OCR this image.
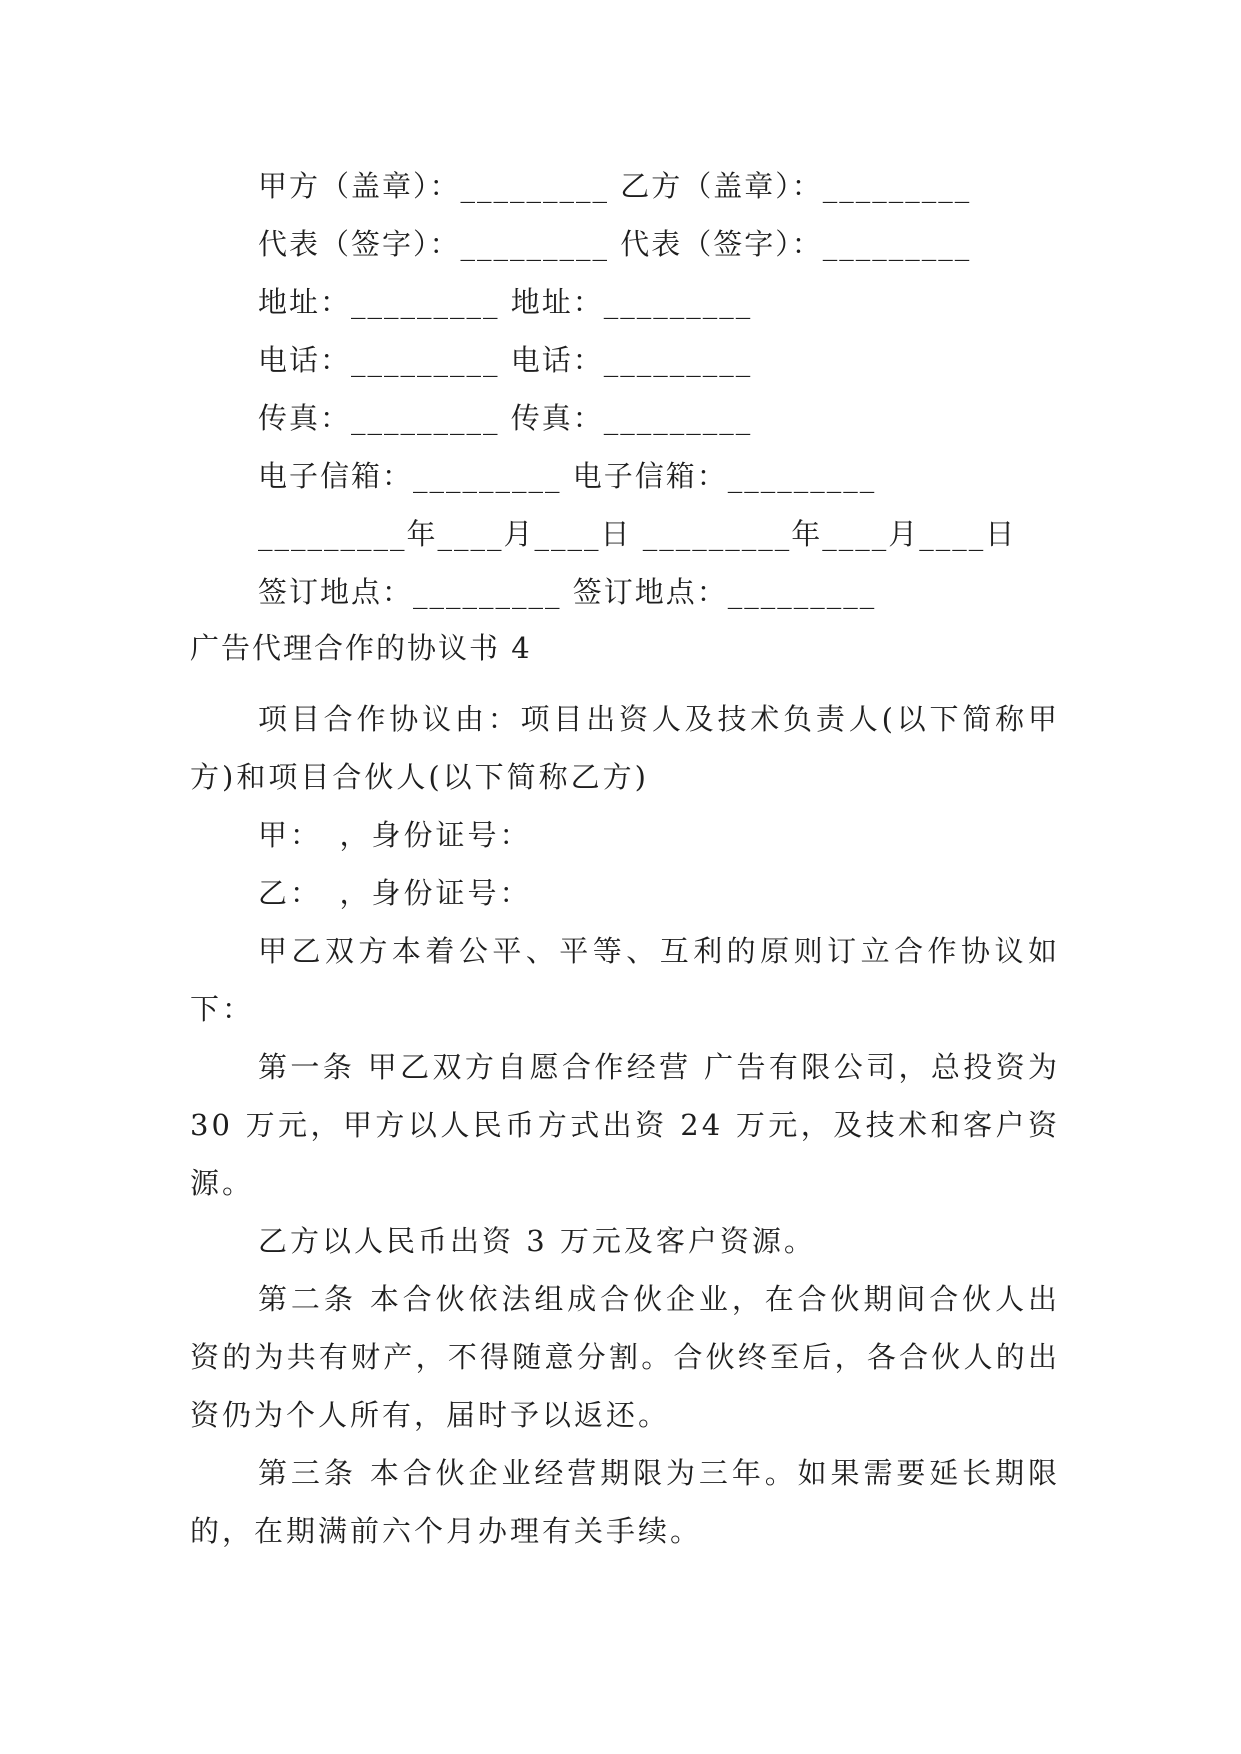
甲方（盖章）：_________ 乙方（盖章）：_________
代表（签字）：_________ 代表（签字）：_________
地址：_________ 地址：_________
电话：_________ 电话：_________
传真：_________ 传真：_________
电子信箱：_________ 电子信箱：_________
_________年____月____日 _________年____月____日
签订地点：_________ 签订地点：_________
广告代理合作的协议书 4

项目合作协议由：项目出资人及技术负责人(以下简称甲方)和项目合伙人(以下简称乙方)

甲：　，身份证号：

乙：　，身份证号：

甲乙双方本着公平、平等、互利的原则订立合作协议如下：

第一条 甲乙双方自愿合作经营 广告有限公司，总投资为 30 万元，甲方以人民币方式出资 24 万元，及技术和客户资源。

乙方以人民币出资 3 万元及客户资源。

第二条 本合伙依法组成合伙企业，在合伙期间合伙人出资的为共有财产，不得随意分割。合伙终至后，各合伙人的出资仍为个人所有，届时予以返还。

第三条 本合伙企业经营期限为三年。如果需要延长期限的，在期满前六个月办理有关手续。
